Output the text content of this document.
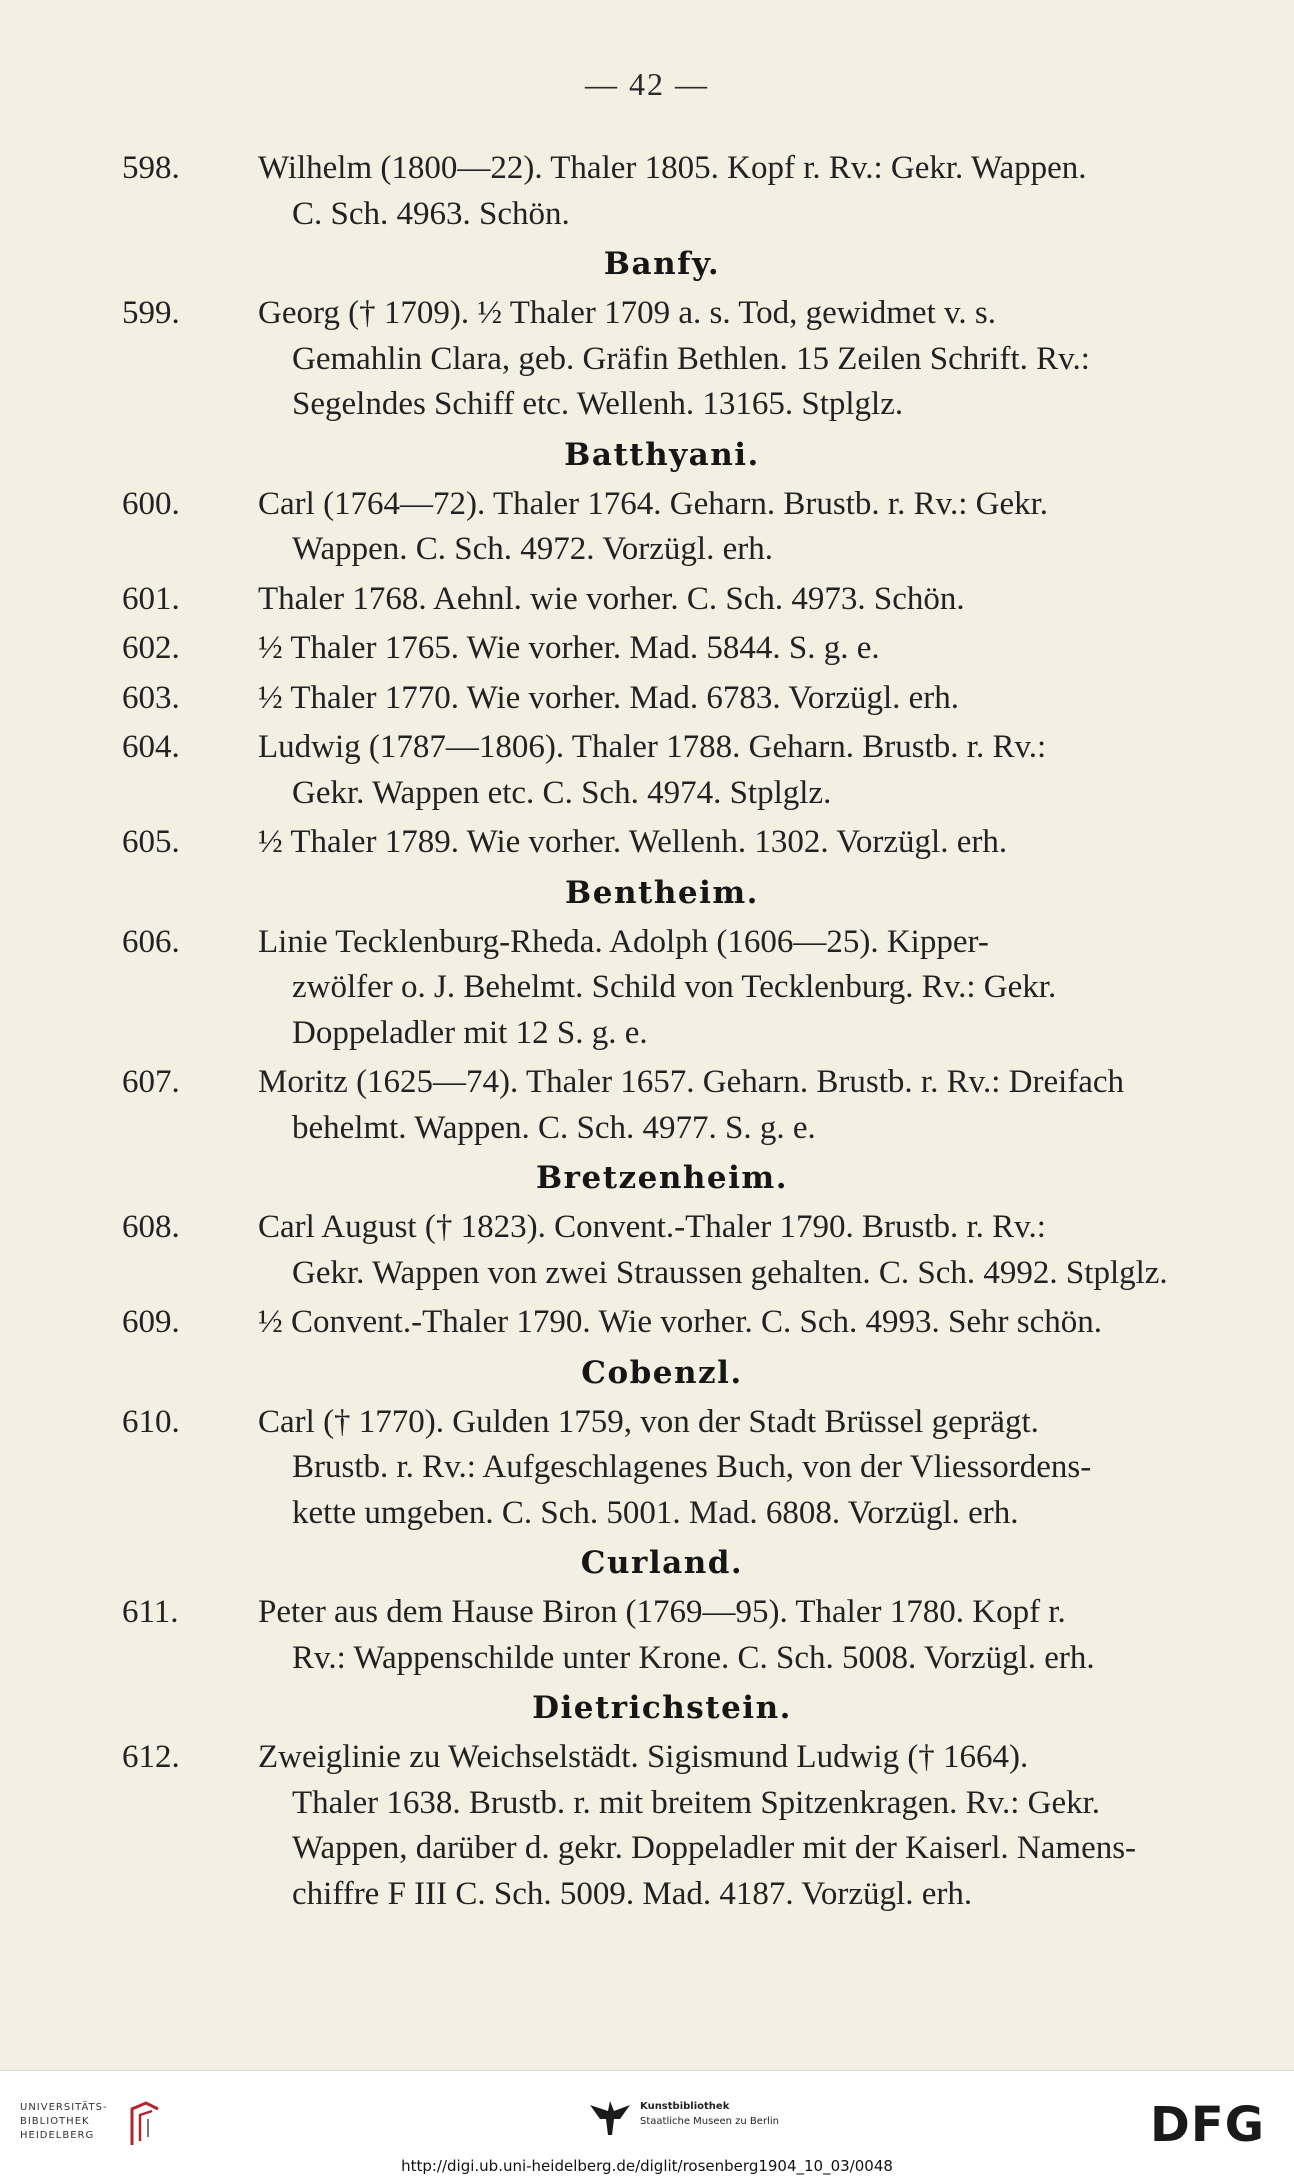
— 42 —
598.	Wilhelm (1800—22). Thaler 1805. Kopf r. Rv.: Gekr. Wappen.
C. Sch. 4963. Schön.
Banfy.
599.	Georg († 1709). ½ Thaler 1709 a. s. Tod, gewidmet v. s.
Gemahlin Clara, geb. Gräfin Bethlen. 15 Zeilen Schrift. Rv.:
Segelndes Schiff etc. Wellenh. 13165. Stplglz.
Batthyani.
600.	Carl (1764—72). Thaler 1764. Geharn. Brustb. r. Rv.: Gekr.
Wappen. C. Sch. 4972. Vorzügl. erh.
601.	Thaler 1768. Aehnl. wie vorher. C. Sch. 4973. Schön.
602.	½ Thaler 1765. Wie vorher. Mad. 5844. S. g. e.
603.	½ Thaler 1770. Wie vorher. Mad. 6783. Vorzügl. erh.
604.	Ludwig (1787—1806). Thaler 1788. Geharn. Brustb. r. Rv.:
Gekr. Wappen etc. C. Sch. 4974. Stplglz.
605.	½ Thaler 1789. Wie vorher. Wellenh. 1302. Vorzügl. erh.
Bentheim.
606.	Linie Tecklenburg-Rheda. Adolph (1606—25). Kipper-
zwölfer o. J. Behelmt. Schild von Tecklenburg. Rv.: Gekr.
Doppeladler mit 12 S. g. e.
607.	Moritz (1625—74). Thaler 1657. Geharn. Brustb. r. Rv.: Dreifach
behelmt. Wappen. C. Sch. 4977. S. g. e.
Bretzenheim.
608.	Carl August († 1823). Convent.-Thaler 1790. Brustb. r. Rv.:
Gekr. Wappen von zwei Straussen gehalten. C. Sch. 4992. Stplglz.
609.	½ Convent.-Thaler 1790. Wie vorher. C. Sch. 4993. Sehr schön.
Cobenzl.
610.	Carl († 1770). Gulden 1759, von der Stadt Brüssel geprägt.
Brustb. r. Rv.: Aufgeschlagenes Buch, von der Vliessordens-
kette umgeben. C. Sch. 5001. Mad. 6808. Vorzügl. erh.
Curland.
611.	Peter aus dem Hause Biron (1769—95). Thaler 1780. Kopf r.
Rv.: Wappenschilde unter Krone. C. Sch. 5008. Vorzügl. erh.
Dietrichstein.
612.	Zweiglinie zu Weichselstädt. Sigismund Ludwig († 1664).
Thaler 1638. Brustb. r. mit breitem Spitzenkragen. Rv.: Gekr.
Wappen, darüber d. gekr. Doppeladler mit der Kaiserl. Namens-
chiffre F III C. Sch. 5009. Mad. 4187. Vorzügl. erh.
UNIVERSITÄTS-
BIBLIOTHEK
HEIDELBERG
Kunstbibliothek
Staatliche Museen zu Berlin	DFG
http://digi.ub.uni-heidelberg.de/diglit/rosenberg1904_10_03/0048
